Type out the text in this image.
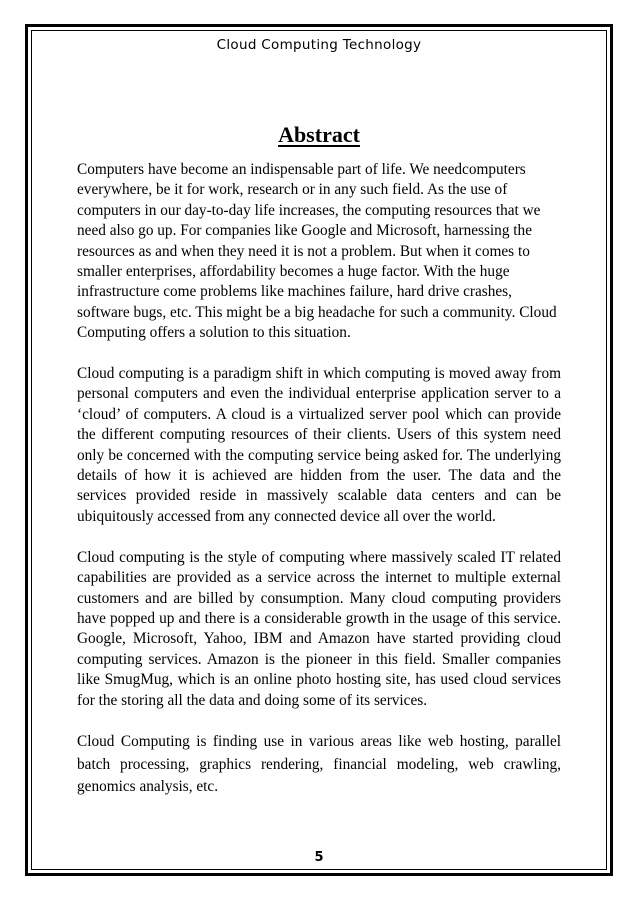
Cloud Computing Technology
Abstract

Computers have become an indispensable part of life. We needcomputers everywhere, be it for work, research or in any such field. As the use of computers in our day-to-day life increases, the computing resources that we need also go up. For companies like Google and Microsoft, harnessing the resources as and when they need it is not a problem. But when it comes to smaller enterprises, affordability becomes a huge factor. With the huge infrastructure come problems like machines failure, hard drive crashes, software bugs, etc. This might be a big headache for such a community. Cloud Computing offers a solution to this situation.

Cloud computing is a paradigm shift in which computing is moved away from personal computers and even the individual enterprise application server to a ‘cloud’ of computers. A cloud is a virtualized server pool which can provide the different computing resources of their clients. Users of this system need only be concerned with the computing service being asked for. The underlying details of how it is achieved are hidden from the user. The data and the services provided reside in massively scalable data centers and can be ubiquitously accessed from any connected device all over the world.

Cloud computing is the style of computing where massively scaled IT related capabilities are provided as a service across the internet to multiple external customers and are billed by consumption. Many cloud computing providers have popped up and there is a considerable growth in the usage of this service. Google, Microsoft, Yahoo, IBM and Amazon have started providing cloud computing services. Amazon is the pioneer in this field. Smaller companies like SmugMug, which is an online photo hosting site, has used cloud services for the storing all the data and doing some of its services.

Cloud Computing is finding use in various areas like web hosting, parallel batch processing, graphics rendering, financial modeling, web crawling, genomics analysis, etc.

5
